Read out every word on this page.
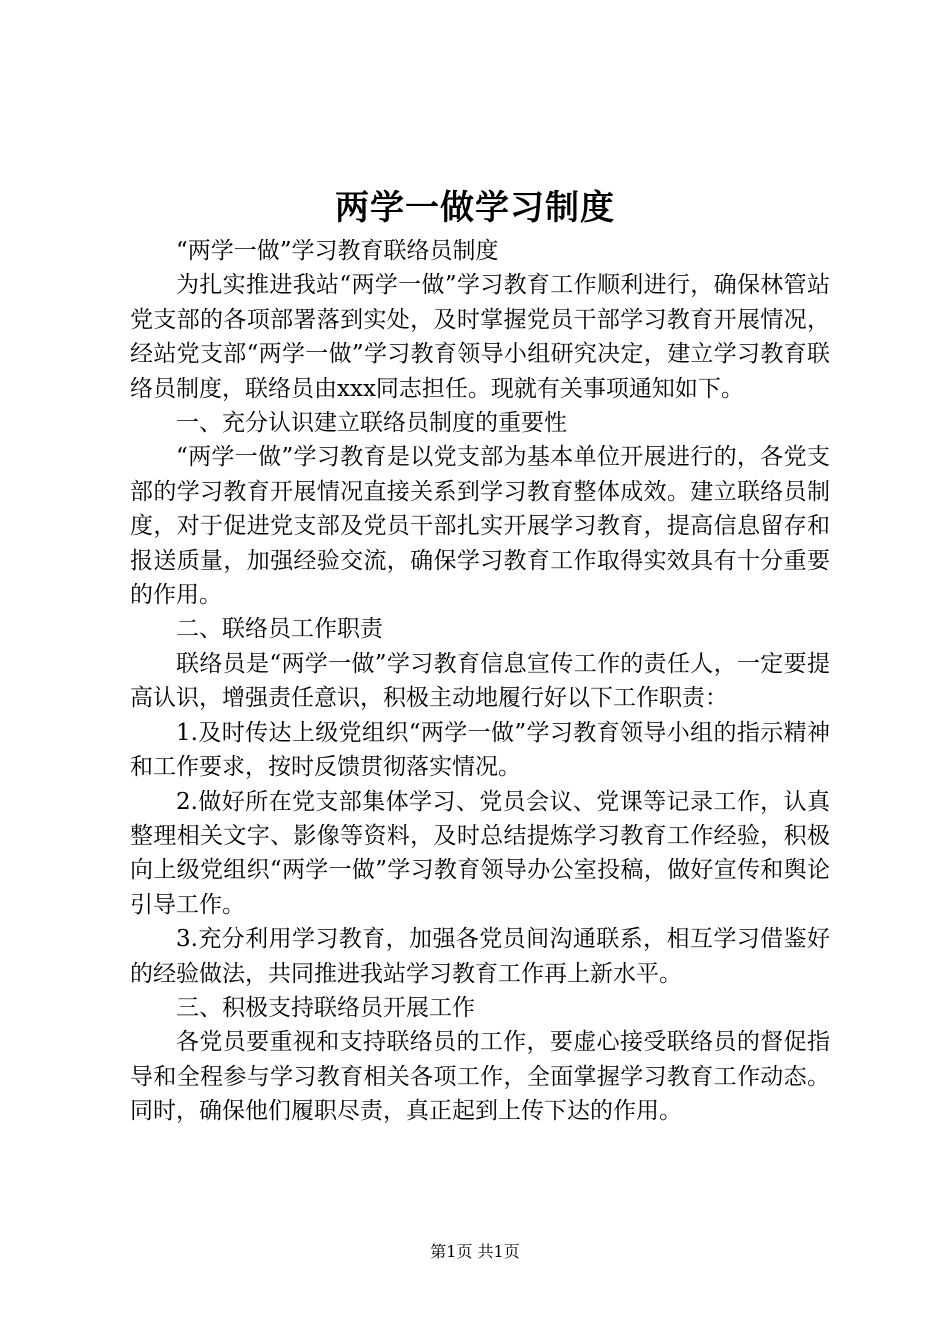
两学一做学习制度

“两学一做”学习教育联络员制度

为扎实推进我站“两学一做”学习教育工作顺利进行，确保林管站党支部的各项部署落到实处，及时掌握党员干部学习教育开展情况，经站党支部“两学一做”学习教育领导小组研究决定，建立学习教育联络员制度，联络员由xxx同志担任。现就有关事项通知如下。

一、充分认识建立联络员制度的重要性

“两学一做”学习教育是以党支部为基本单位开展进行的，各党支部的学习教育开展情况直接关系到学习教育整体成效。建立联络员制度，对于促进党支部及党员干部扎实开展学习教育，提高信息留存和报送质量，加强经验交流，确保学习教育工作取得实效具有十分重要的作用。

二、联络员工作职责

联络员是“两学一做”学习教育信息宣传工作的责任人，一定要提高认识，增强责任意识，积极主动地履行好以下工作职责：

1.及时传达上级党组织“两学一做”学习教育领导小组的指示精神和工作要求，按时反馈贯彻落实情况。

2.做好所在党支部集体学习、党员会议、党课等记录工作，认真整理相关文字、影像等资料，及时总结提炼学习教育工作经验，积极向上级党组织“两学一做”学习教育领导办公室投稿，做好宣传和舆论引导工作。

3.充分利用学习教育，加强各党员间沟通联系，相互学习借鉴好的经验做法，共同推进我站学习教育工作再上新水平。

三、积极支持联络员开展工作

各党员要重视和支持联络员的工作，要虚心接受联络员的督促指导和全程参与学习教育相关各项工作，全面掌握学习教育工作动态。同时，确保他们履职尽责，真正起到上传下达的作用。

第1页 共1页
